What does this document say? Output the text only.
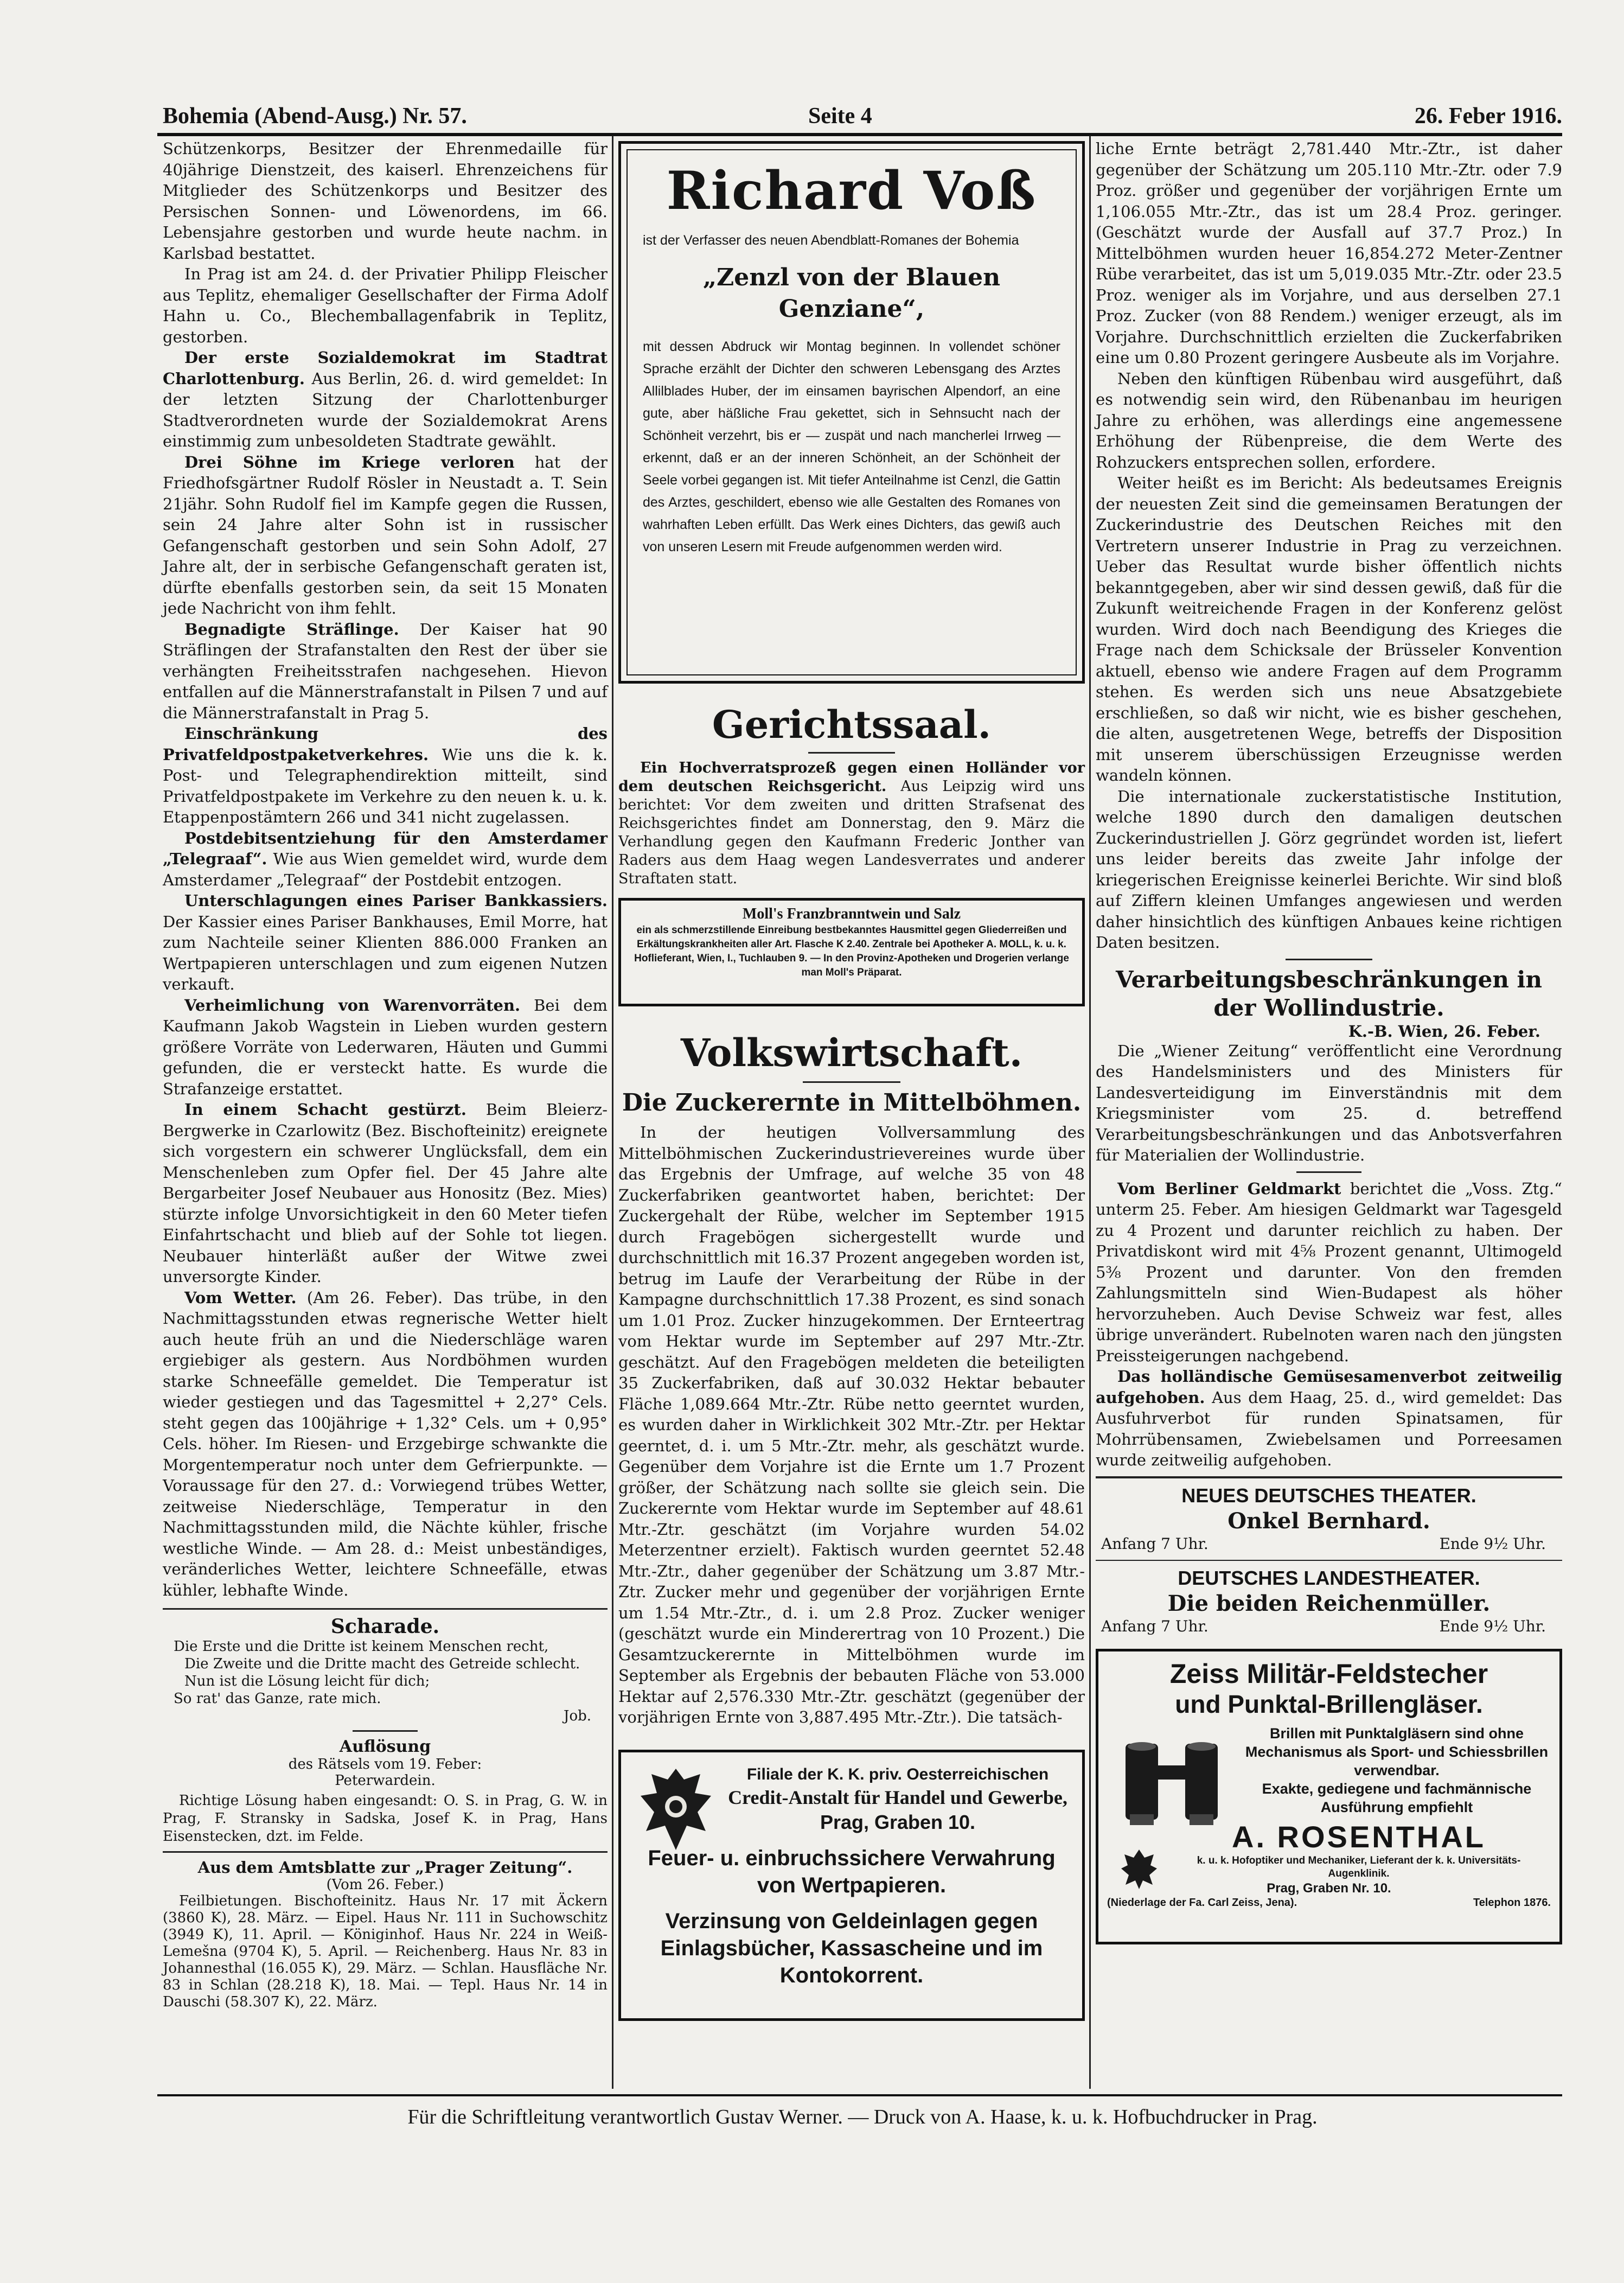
Bohemia (Abend-Ausg.) Nr. 57.	Seite 4	26. Feber 1916.

Schützenkorps, Besitzer der Ehrenmedaille für 40jährige Dienstzeit, des kaiserl. Ehrenzeichens für Mitglieder des Schützenkorps und Besitzer des Persischen Sonnen- und Löwenordens, im 66. Lebensjahre gestorben und wurde heute nachm. in Karlsbad bestattet.

In Prag ist am 24. d. der Privatier Philipp Fleischer aus Teplitz, ehemaliger Gesellschafter der Firma Adolf Hahn u. Co., Blechemballagenfabrik in Teplitz, gestorben.

Der erste Sozialdemokrat im Stadtrat Charlottenburg. Aus Berlin, 26. d. wird gemeldet: In der letzten Sitzung der Charlottenburger Stadtverordneten wurde der Sozialdemokrat Arens einstimmig zum unbesoldeten Stadtrate gewählt.

Drei Söhne im Kriege verloren hat der Friedhofsgärtner Rudolf Rösler in Neustadt a. T. Sein 21jähr. Sohn Rudolf fiel im Kampfe gegen die Russen, sein 24 Jahre alter Sohn ist in russischer Gefangenschaft gestorben und sein Sohn Adolf, 27 Jahre alt, der in serbische Gefangenschaft geraten ist, dürfte ebenfalls gestorben sein, da seit 15 Monaten jede Nachricht von ihm fehlt.

Begnadigte Sträflinge. Der Kaiser hat 90 Sträflingen der Strafanstalten den Rest der über sie verhängten Freiheitsstrafen nachgesehen. Hievon entfallen auf die Männerstrafanstalt in Pilsen 7 und auf die Männerstrafanstalt in Prag 5.

Einschränkung des Privatfeldpostpaketverkehres. Wie uns die k. k. Post- und Telegraphendirektion mitteilt, sind Privatfeldpostpakete im Verkehre zu den neuen k. u. k. Etappenpostämtern 266 und 341 nicht zugelassen.

Postdebitsentziehung für den Amsterdamer „Telegraaf“. Wie aus Wien gemeldet wird, wurde dem Amsterdamer „Telegraaf“ der Postdebit entzogen.

Unterschlagungen eines Pariser Bankkassiers. Der Kassier eines Pariser Bankhauses, Emil Morre, hat zum Nachteile seiner Klienten 886.000 Franken an Wertpapieren unterschlagen und zum eigenen Nutzen verkauft.

Verheimlichung von Warenvorräten. Bei dem Kaufmann Jakob Wagstein in Lieben wurden gestern größere Vorräte von Lederwaren, Häuten und Gummi gefunden, die er versteckt hatte. Es wurde die Strafanzeige erstattet.

In einem Schacht gestürzt. Beim Bleierz-Bergwerke in Czarlowitz (Bez. Bischofteinitz) ereignete sich vorgestern ein schwerer Unglücksfall, dem ein Menschenleben zum Opfer fiel. Der 45 Jahre alte Bergarbeiter Josef Neubauer aus Honositz (Bez. Mies) stürzte infolge Unvorsichtigkeit in den 60 Meter tiefen Einfahrtschacht und blieb auf der Sohle tot liegen. Neubauer hinterläßt außer der Witwe zwei unversorgte Kinder.

Vom Wetter. (Am 26. Feber). Das trübe, in den Nachmittagsstunden etwas regnerische Wetter hielt auch heute früh an und die Niederschläge waren ergiebiger als gestern. Aus Nordböhmen wurden starke Schneefälle gemeldet. Die Temperatur ist wieder gestiegen und das Tagesmittel + 2,27° Cels. steht gegen das 100jährige + 1,32° Cels. um + 0,95° Cels. höher. Im Riesen- und Erzgebirge schwankte die Morgentemperatur noch unter dem Gefrierpunkte. — Voraussage für den 27. d.: Vorwiegend trübes Wetter, zeitweise Niederschläge, Temperatur in den Nachmittagsstunden mild, die Nächte kühler, frische westliche Winde. — Am 28. d.: Meist unbeständiges, veränderliches Wetter, leichtere Schneefälle, etwas kühler, lebhafte Winde.

Scharade.
Die Erste und die Dritte ist keinem Menschen recht,
Die Zweite und die Dritte macht des Getreide schlecht.
Nun ist die Lösung leicht für dich;
So rat' das Ganze, rate mich.
Job.
Auflösung
des Rätsels vom 19. Feber:
Peterwardein.

Richtige Lösung haben eingesandt: O. S. in Prag, G. W. in Prag, F. Stransky in Sadska, Josef K. in Prag, Hans Eisenstecken, dzt. im Felde.

Aus dem Amtsblatte zur „Prager Zeitung“.
(Vom 26. Feber.)

Feilbietungen. Bischofteinitz. Haus Nr. 17 mit Äckern (3860 K), 28. März. — Eipel. Haus Nr. 111 in Suchowschitz (3949 K), 11. April. — Königinhof. Haus Nr. 224 in Weiß-Lemešna (9704 K), 5. April. — Reichenberg. Haus Nr. 83 in Johannesthal (16.055 K), 29. März. — Schlan. Hausfläche Nr. 83 in Schlan (28.218 K), 18. Mai. — Tepl. Haus Nr. 14 in Dauschi (58.307 K), 22. März.

Richard Voß
ist der Verfasser des neuen Abendblatt-Romanes der Bohemia
„Zenzl von der Blauen Genziane“,

mit dessen Abdruck wir Montag beginnen. In vollendet schöner Sprache erzählt der Dichter den schweren Lebensgang des Arztes Allilblades Huber, der im einsamen bayrischen Alpendorf, an eine gute, aber häßliche Frau gekettet, sich in Sehnsucht nach der Schönheit verzehrt, bis er — zuspät und nach mancherlei Irrweg — erkennt, daß er an der inneren Schönheit, an der Schönheit der Seele vorbei gegangen ist. Mit tiefer Anteilnahme ist Cenzl, die Gattin des Arztes, geschildert, ebenso wie alle Gestalten des Romanes von wahrhaften Leben erfüllt. Das Werk eines Dichters, das gewiß auch von unseren Lesern mit Freude aufgenommen werden wird.

Gerichtssaal.

Ein Hochverratsprozeß gegen einen Holländer vor dem deutschen Reichsgericht. Aus Leipzig wird uns berichtet: Vor dem zweiten und dritten Strafsenat des Reichsgerichtes findet am Donnerstag, den 9. März die Verhandlung gegen den Kaufmann Frederic Jonther van Raders aus dem Haag wegen Landesverrates und anderer Straftaten statt.

Moll's Franzbranntwein und Salz
ein als schmerzstillende Einreibung bestbekanntes Hausmittel gegen Gliederreißen und Erkältungskrankheiten aller Art. Flasche K 2.40. Zentrale bei Apotheker A. MOLL, k. u. k. Hoflieferant, Wien, I., Tuchlauben 9. — In den Provinz-Apotheken und Drogerien verlange man Moll's Präparat.
Volkswirtschaft.
Die Zuckerernte in Mittelböhmen.

In der heutigen Vollversammlung des Mittelböhmischen Zuckerindustrievereines wurde über das Ergebnis der Umfrage, auf welche 35 von 48 Zuckerfabriken geantwortet haben, berichtet: Der Zuckergehalt der Rübe, welcher im September 1915 durch Fragebögen sichergestellt wurde und durchschnittlich mit 16.37 Prozent angegeben worden ist, betrug im Laufe der Verarbeitung der Rübe in der Kampagne durchschnittlich 17.38 Prozent, es sind sonach um 1.01 Proz. Zucker hinzugekommen. Der Ernteertrag vom Hektar wurde im September auf 297 Mtr.-Ztr. geschätzt. Auf den Fragebögen meldeten die beteiligten 35 Zuckerfabriken, daß auf 30.032 Hektar bebauter Fläche 1,089.664 Mtr.-Ztr. Rübe netto geerntet wurden, es wurden daher in Wirklichkeit 302 Mtr.-Ztr. per Hektar geerntet, d. i. um 5 Mtr.-Ztr. mehr, als geschätzt wurde. Gegenüber dem Vorjahre ist die Ernte um 1.7 Prozent größer, der Schätzung nach sollte sie gleich sein. Die Zuckerernte vom Hektar wurde im September auf 48.61 Mtr.-Ztr. geschätzt (im Vorjahre wurden 54.02 Meterzentner erzielt). Faktisch wurden geerntet 52.48 Mtr.-Ztr., daher gegenüber der Schätzung um 3.87 Mtr.-Ztr. Zucker mehr und gegenüber der vorjährigen Ernte um 1.54 Mtr.-Ztr., d. i. um 2.8 Proz. Zucker weniger (geschätzt wurde ein Minderertrag von 10 Prozent.) Die Gesamtzuckerernte in Mittelböhmen wurde im September als Ergebnis der bebauten Fläche von 53.000 Hektar auf 2,576.330 Mtr.-Ztr. geschätzt (gegenüber der vorjährigen Ernte von 3,887.495 Mtr.-Ztr.). Die tatsäch-

Filiale der K. K. priv. Oesterreichischen
Credit-Anstalt für Handel und Gewerbe,
Prag, Graben 10.
Feuer- u. einbruchssichere Verwahrung von Wertpapieren.
Verzinsung von Geldeinlagen gegen Einlagsbücher, Kassascheine und im Kontokorrent.

liche Ernte beträgt 2,781.440 Mtr.-Ztr., ist daher gegenüber der Schätzung um 205.110 Mtr.-Ztr. oder 7.9 Proz. größer und gegenüber der vorjährigen Ernte um 1,106.055 Mtr.-Ztr., das ist um 28.4 Proz. geringer. (Geschätzt wurde der Ausfall auf 37.7 Proz.) In Mittelböhmen wurden heuer 16,854.272 Meter-Zentner Rübe verarbeitet, das ist um 5,019.035 Mtr.-Ztr. oder 23.5 Proz. weniger als im Vorjahre, und aus derselben 27.1 Proz. Zucker (von 88 Rendem.) weniger erzeugt, als im Vorjahre. Durchschnittlich erzielten die Zuckerfabriken eine um 0.80 Prozent geringere Ausbeute als im Vorjahre.

Neben den künftigen Rübenbau wird ausgeführt, daß es notwendig sein wird, den Rübenanbau im heurigen Jahre zu erhöhen, was allerdings eine angemessene Erhöhung der Rübenpreise, die dem Werte des Rohzuckers entsprechen sollen, erfordere.

Weiter heißt es im Bericht: Als bedeutsames Ereignis der neuesten Zeit sind die gemeinsamen Beratungen der Zuckerindustrie des Deutschen Reiches mit den Vertretern unserer Industrie in Prag zu verzeichnen. Ueber das Resultat wurde bisher öffentlich nichts bekanntgegeben, aber wir sind dessen gewiß, daß für die Zukunft weitreichende Fragen in der Konferenz gelöst wurden. Wird doch nach Beendigung des Krieges die Frage nach dem Schicksale der Brüsseler Konvention aktuell, ebenso wie andere Fragen auf dem Programm stehen. Es werden sich uns neue Absatzgebiete erschließen, so daß wir nicht, wie es bisher geschehen, die alten, ausgetretenen Wege, betreffs der Disposition mit unserem überschüssigen Erzeugnisse werden wandeln können.

Die internationale zuckerstatistische Institution, welche 1890 durch den damaligen deutschen Zuckerindustriellen J. Görz gegründet worden ist, liefert uns leider bereits das zweite Jahr infolge der kriegerischen Ereignisse keinerlei Berichte. Wir sind bloß auf Ziffern kleinen Umfanges angewiesen und werden daher hinsichtlich des künftigen Anbaues keine richtigen Daten besitzen.

Verarbeitungsbeschränkungen in der Wollindustrie.
K.-B. Wien, 26. Feber.

Die „Wiener Zeitung“ veröffentlicht eine Verordnung des Handelsministers und des Ministers für Landesverteidigung im Einverständnis mit dem Kriegsminister vom 25. d. betreffend Verarbeitungsbeschränkungen und das Anbotsverfahren für Materialien der Wollindustrie.

Vom Berliner Geldmarkt berichtet die „Voss. Ztg.“ unterm 25. Feber. Am hiesigen Geldmarkt war Tagesgeld zu 4 Prozent und darunter reichlich zu haben. Der Privatdiskont wird mit 4⅝ Prozent genannt, Ultimogeld 5⅜ Prozent und darunter. Von den fremden Zahlungsmitteln sind Wien-Budapest als höher hervorzuheben. Auch Devise Schweiz war fest, alles übrige unverändert. Rubelnoten waren nach den jüngsten Preissteigerungen nachgebend.

Das holländische Gemüsesamenverbot zeitweilig aufgehoben. Aus dem Haag, 25. d., wird gemeldet: Das Ausfuhrverbot für runden Spinatsamen, für Mohrrübensamen, Zwiebelsamen und Porreesamen wurde zeitweilig aufgehoben.

NEUES DEUTSCHES THEATER.
Onkel Bernhard.
Anfang 7 Uhr.	Ende 9½ Uhr.
DEUTSCHES LANDESTHEATER.
Die beiden Reichenmüller.
Anfang 7 Uhr.	Ende 9½ Uhr.
Zeiss Militär-Feldstecher
und Punktal-Brillengläser.
Brillen mit Punktalgläsern sind ohne Mechanismus als Sport- und Schiessbrillen verwendbar.
Exakte, gediegene und fachmännische Ausführung empfiehlt
A. ROSENTHAL
k. u. k. Hofoptiker und Mechaniker, Lieferant der k. k. Universitäts-Augenklinik.
Prag, Graben Nr. 10.
(Niederlage der Fa. Carl Zeiss, Jena).	Telephon 1876.
Für die Schriftleitung verantwortlich Gustav Werner. — Druck von A. Haase, k. u. k. Hofbuchdrucker in Prag.
